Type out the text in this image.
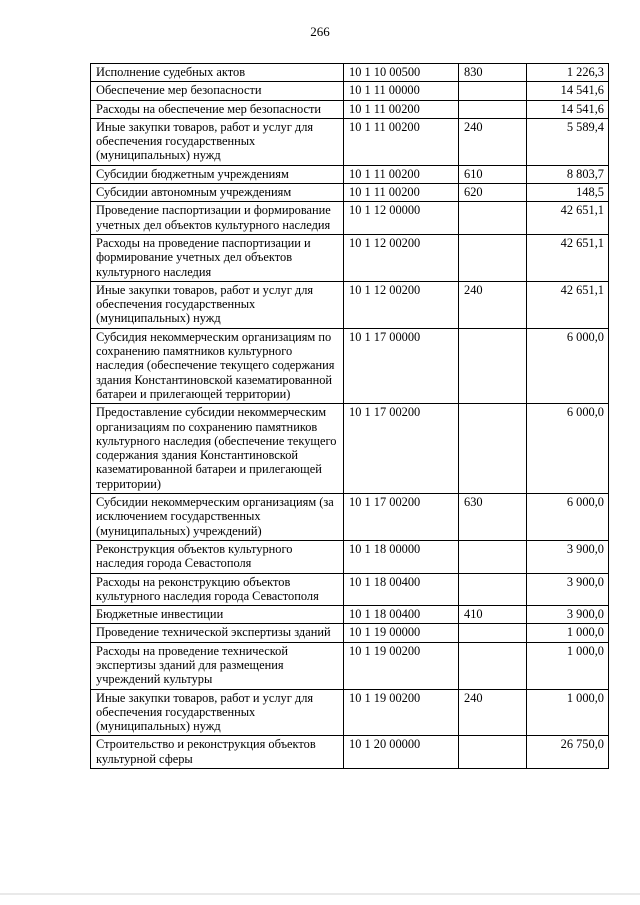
266
Исполнение судебных актов	10 1 10 00500	830	1 226,3
Обеспечение мер безопасности	10 1 11 00000		14 541,6
Расходы на обеспечение мер безопасности	10 1 11 00200		14 541,6
Иные закупки товаров, работ и услуг для обеспечения государственных (муниципальных) нужд	10 1 11 00200	240	5 589,4
Субсидии бюджетным учреждениям	10 1 11 00200	610	8 803,7
Субсидии автономным учреждениям	10 1 11 00200	620	148,5
Проведение паспортизации и формирование учетных дел объектов культурного наследия	10 1 12 00000		42 651,1
Расходы на проведение паспортизации и формирование учетных дел объектов культурного наследия	10 1 12 00200		42 651,1
Иные закупки товаров, работ и услуг для обеспечения государственных (муниципальных) нужд	10 1 12 00200	240	42 651,1
Субсидия некоммерческим организациям по сохранению памятников культурного наследия (обеспечение текущего содержания здания Константиновской казематированной батареи и прилегающей территории)	10 1 17 00000		6 000,0
Предоставление субсидии некоммерческим организациям по сохранению памятников культурного наследия (обеспечение текущего содержания здания Константиновской казематированной батареи и прилегающей территории)	10 1 17 00200		6 000,0
Субсидии некоммерческим организациям (за исключением государственных (муниципальных) учреждений)	10 1 17 00200	630	6 000,0
Реконструкция объектов культурного наследия города Севастополя	10 1 18 00000		3 900,0
Расходы на реконструкцию объектов культурного наследия города Севастополя	10 1 18 00400		3 900,0
Бюджетные инвестиции	10 1 18 00400	410	3 900,0
Проведение технической экспертизы зданий	10 1 19 00000		1 000,0
Расходы на проведение технической экспертизы зданий для размещения учреждений культуры	10 1 19 00200		1 000,0
Иные закупки товаров, работ и услуг для обеспечения государственных (муниципальных) нужд	10 1 19 00200	240	1 000,0
Строительство и реконструкция объектов культурной сферы	10 1 20 00000		26 750,0
